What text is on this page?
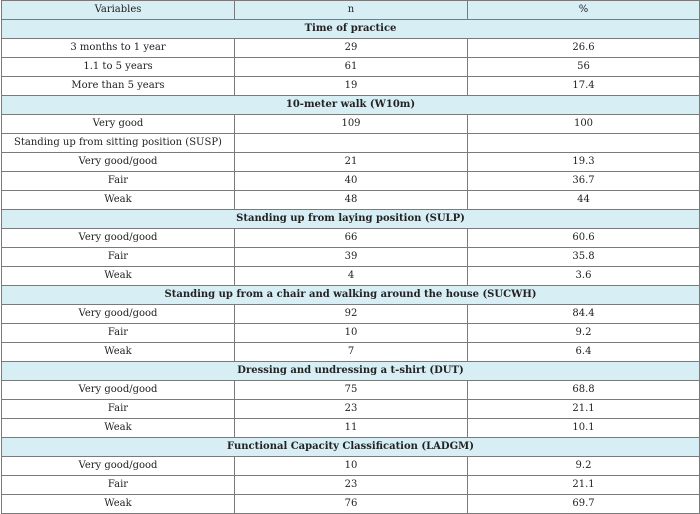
Variables	n	%
Time of practice		
3 months to 1 year	29	26.6
1.1 to 5 years	61	56
More than 5 years	19	17.4
10-meter walk (W10m)		
Very good	109	100
Standing up from sitting position (SUSP)		
Very good/good	21	19.3
Fair	40	36.7
Weak	48	44
Standing up from laying position (SULP)		
Very good/good	66	60.6
Fair	39	35.8
Weak	4	3.6
Standing up from a chair and walking around the house (SUCWH)		
Very good/good	92	84.4
Fair	10	9.2
Weak	7	6.4
Dressing and undressing a t-shirt (DUT)		
Very good/good	75	68.8
Fair	23	21.1
Weak	11	10.1
Functional Capacity Classification (LADGM)		
Very good/good	10	9.2
Fair	23	21.1
Weak	76	69.7
